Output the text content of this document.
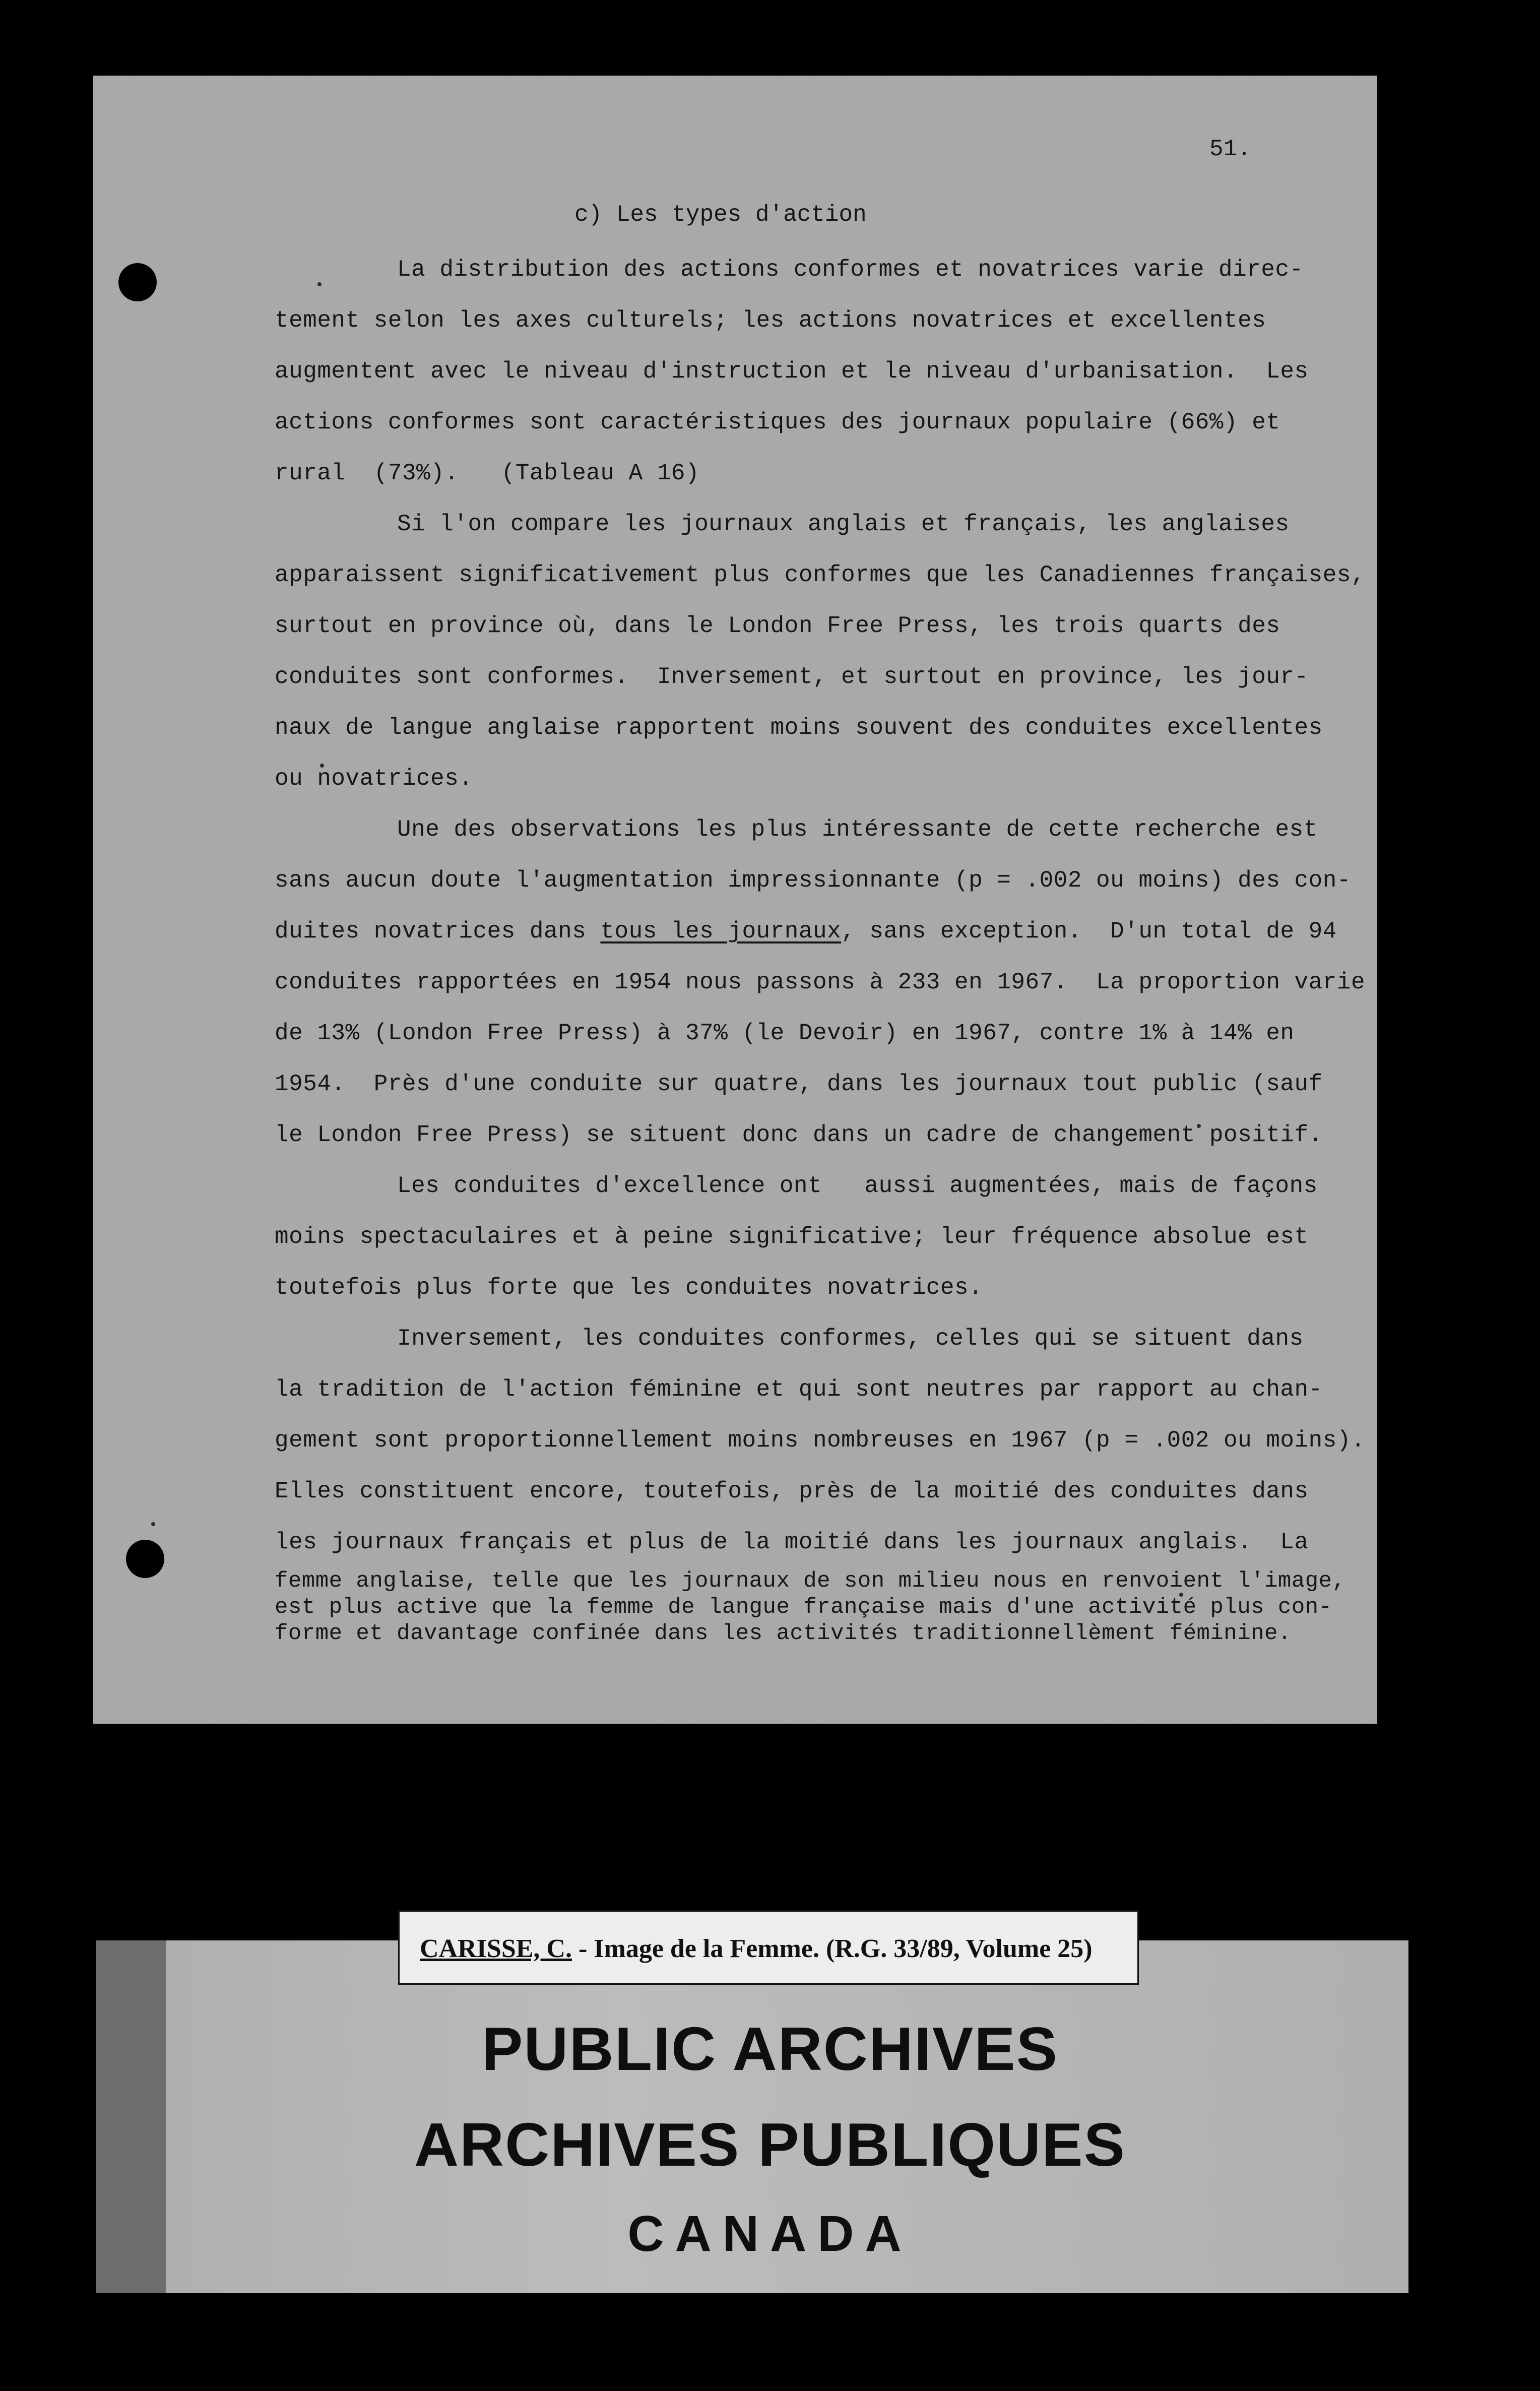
51.
c) Les types d'action
La distribution des actions conformes et novatrices varie direc-
tement selon les axes culturels; les actions novatrices et excellentes
augmentent avec le niveau d'instruction et le niveau d'urbanisation.  Les
actions conformes sont caractéristiques des journaux populaire (66%) et
rural  (73%).   (Tableau A 16)
Si l'on compare les journaux anglais et français, les anglaises
apparaissent significativement plus conformes que les Canadiennes françaises,
surtout en province où, dans le London Free Press, les trois quarts des
conduites sont conformes.  Inversement, et surtout en province, les jour-
naux de langue anglaise rapportent moins souvent des conduites excellentes
ou novatrices.
Une des observations les plus intéressante de cette recherche est
sans aucun doute l'augmentation impressionnante (p = .002 ou moins) des con-
duites novatrices dans tous les journaux, sans exception.  D'un total de 94
conduites rapportées en 1954 nous passons à 233 en 1967.  La proportion varie
de 13% (London Free Press) à 37% (le Devoir) en 1967, contre 1% à 14% en
1954.  Près d'une conduite sur quatre, dans les journaux tout public (sauf
le London Free Press) se situent donc dans un cadre de changement positif.
Les conduites d'excellence ont   aussi augmentées, mais de façons
moins spectaculaires et à peine significative; leur fréquence absolue est
toutefois plus forte que les conduites novatrices.
Inversement, les conduites conformes, celles qui se situent dans
la tradition de l'action féminine et qui sont neutres par rapport au chan-
gement sont proportionnellement moins nombreuses en 1967 (p = .002 ou moins).
Elles constituent encore, toutefois, près de la moitié des conduites dans
les journaux français et plus de la moitié dans les journaux anglais.  La
femme anglaise, telle que les journaux de son milieu nous en renvoient l'image,
est plus active que la femme de langue française mais d'une activité plus con-
forme et davantage confinée dans les activités traditionnellèment féminine.
CARISSE, C. - Image de la Femme. (R.G. 33/89, Volume 25)
PUBLIC ARCHIVES
ARCHIVES PUBLIQUES
CANADA
